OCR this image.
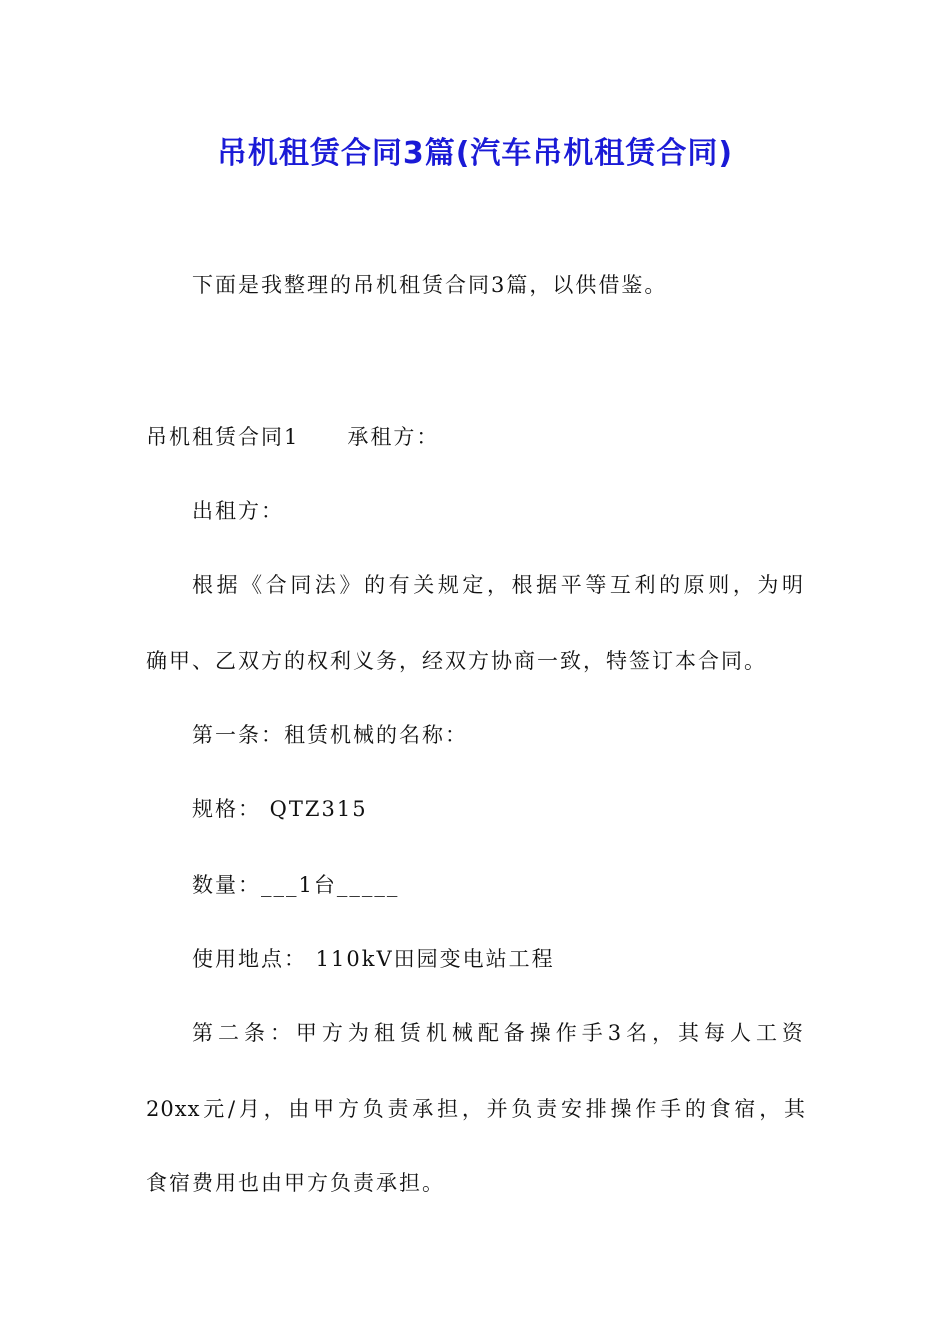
吊机租赁合同3篇(汽车吊机租赁合同)
下面是我整理的吊机租赁合同3篇，以供借鉴。
吊机租赁合同1 承租方：
出租方：
根据《合同法》的有关规定，根据平等互利的原则，为明
确甲、乙双方的权利义务，经双方协商一致，特签订本合同。
第一条：租赁机械的名称：
规格： QTZ315
数量：___1台_____
使用地点： 110kV田园变电站工程
第二条：甲方为租赁机械配备操作手3名，其每人工资
20xx元/月，由甲方负责承担，并负责安排操作手的食宿，其
食宿费用也由甲方负责承担。
